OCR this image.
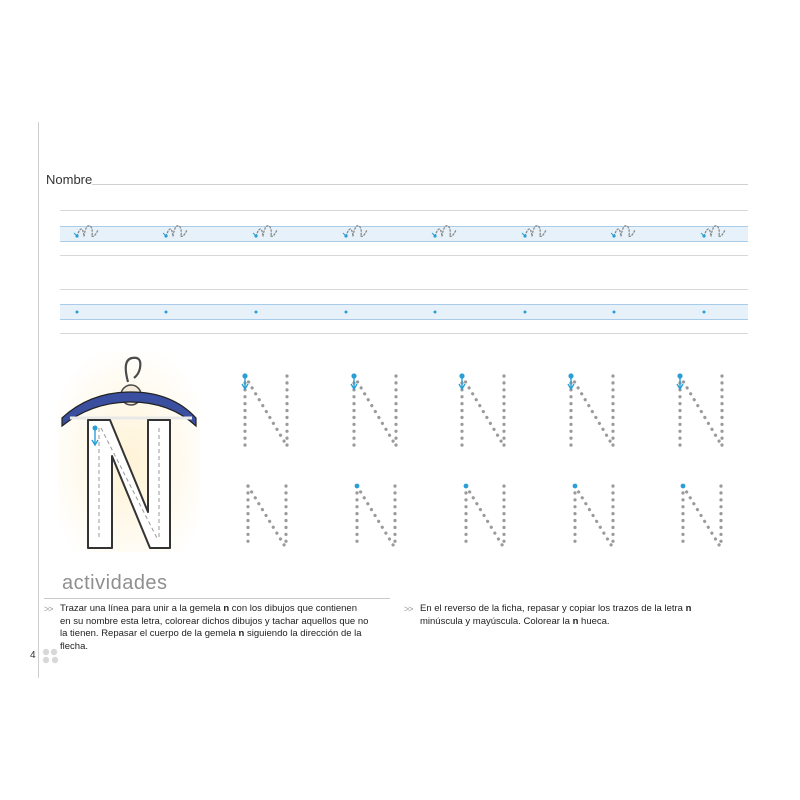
Nombre
actividades
>> Trazar una línea para unir a la gemela n con los dibujos que contienen en su nombre esta letra, colorear dichos dibujos y tachar aquellos que no la tienen. Repasar el cuerpo de la gemela n siguiendo la dirección de la flecha.
>> En el reverso de la ficha, repasar y copiar los trazos de la letra n minúscula y mayúscula. Colorear la n hueca.
4
